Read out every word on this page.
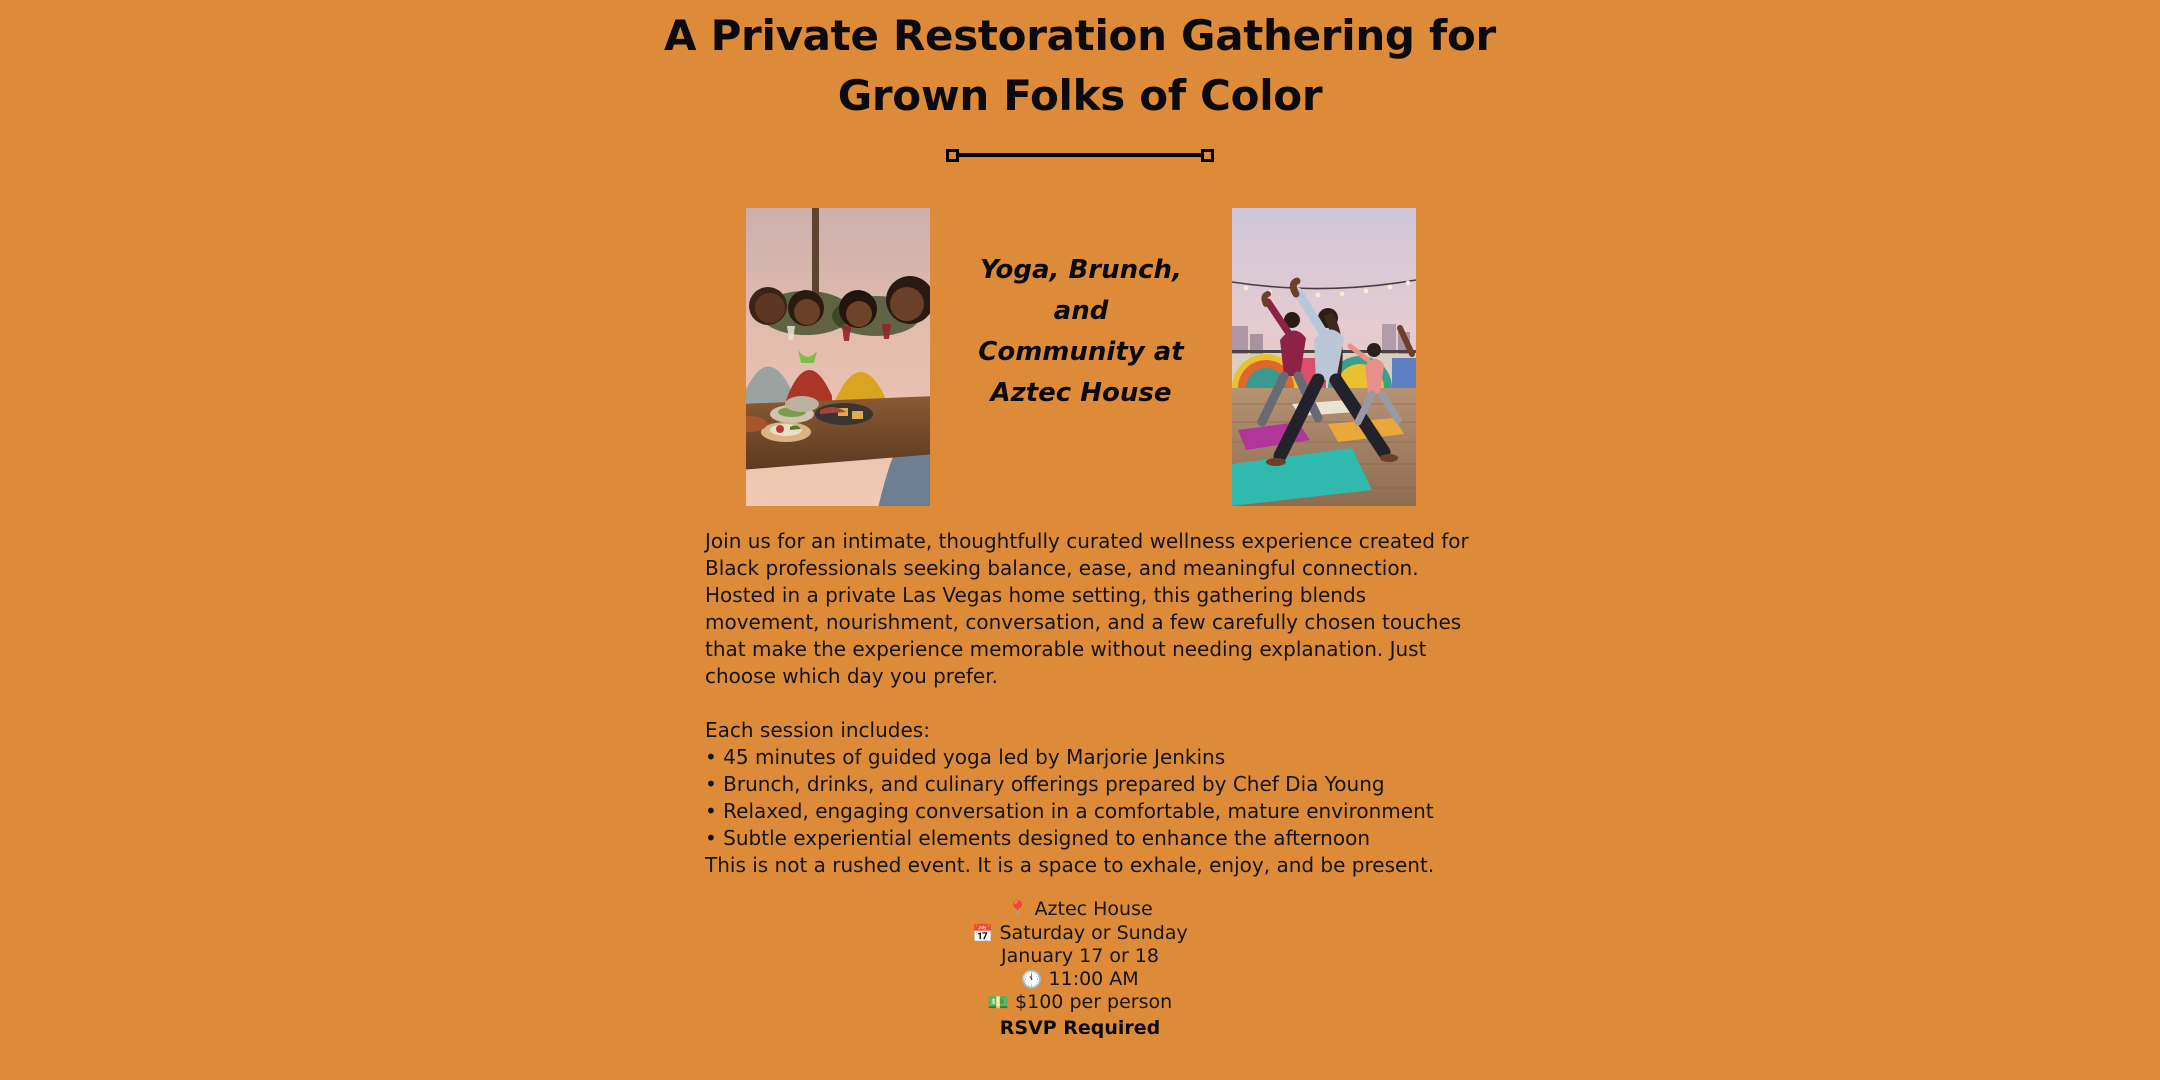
A Private Restoration Gathering for
Grown Folks of Color
Yoga, Brunch,
and
Community at
Aztec House

Join us for an intimate, thoughtfully curated wellness experience created for Black professionals seeking balance, ease, and meaningful connection.

Hosted in a private Las Vegas home setting, this gathering blends movement, nourishment, conversation, and a few carefully chosen touches that make the experience memorable without needing explanation. Just choose which day you prefer.

Each session includes:

• 45 minutes of guided yoga led by Marjorie Jenkins
• Brunch, drinks, and culinary offerings prepared by Chef Dia Young
• Relaxed, engaging conversation in a comfortable, mature environment
• Subtle experiential elements designed to enhance the afternoon

This is not a rushed event. It is a space to exhale, enjoy, and be present.

📍 Aztec House
📅 Saturday or Sunday
January 17 or 18
🕚 11:00 AM
💵 $100 per person
RSVP Required
